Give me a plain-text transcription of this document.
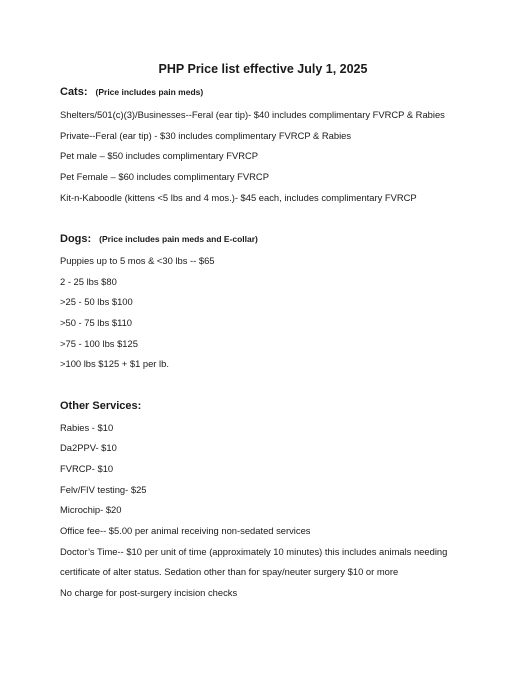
PHP Price list effective July 1, 2025
Cats: (Price includes pain meds)
Shelters/501(c)(3)/Businesses--Feral (ear tip)- $40 includes complimentary FVRCP & Rabies
Private--Feral (ear tip) - $30 includes complimentary FVRCP & Rabies
Pet male – $50 includes complimentary FVRCP
Pet Female – $60 includes complimentary FVRCP
Kit-n-Kaboodle (kittens <5 lbs and 4 mos.)- $45 each, includes complimentary FVRCP
Dogs: (Price includes pain meds and E-collar)
Puppies up to 5 mos & <30 lbs -- $65
2 - 25 lbs $80
>25 - 50 lbs $100
>50 - 75 lbs $110
>75 - 100 lbs $125
>100 lbs $125 + $1 per lb.
Other Services:
Rabies - $10
Da2PPV- $10
FVRCP- $10
Felv/FIV testing- $25
Microchip- $20
Office fee-- $5.00 per animal receiving non-sedated services
Doctor’s Time-- $10 per unit of time (approximately 10 minutes) this includes animals needing
certificate of alter status. Sedation other than for spay/neuter surgery $10 or more
No charge for post-surgery incision checks
